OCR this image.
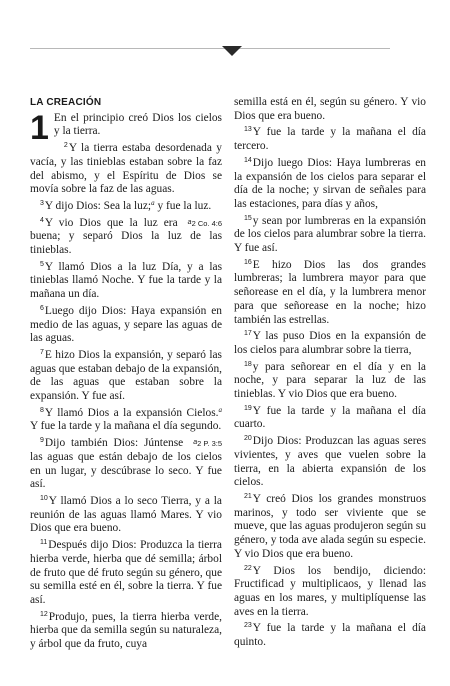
LA CREACIÓN

1 En el principio creó Dios los cielos y la tierra.

$^2$Y la tierra estaba desordenada y vacía, y las tinieblas estaban sobre la faz del abismo, y el Espíritu de Dios se movía sobre la faz de las aguas.

$^3$Y dijo Dios: Sea la luz;$^a$ y fue la luz.
a2 Co. 4:6

$^4$Y vio Dios que la luz era buena; y separó Dios la luz de las tinieblas.

$^5$Y llamó Dios a la luz Día, y a las tinieblas llamó Noche. Y fue la tarde y la mañana un día.

$^6$Luego dijo Dios: Haya expansión en medio de las aguas, y separe las aguas de las aguas.

$^7$E hizo Dios la expansión, y separó las aguas que estaban debajo de la expansión, de las aguas que estaban sobre la expansión. Y fue así.

$^8$Y llamó Dios a la expansión Cielos.$^a$ Y fue la tarde y la mañana el día segundo.
a2 P. 3:5

$^9$Dijo también Dios: Júntense las aguas que están debajo de los cielos en un lugar, y descúbrase lo seco. Y fue así.

$^{10}$Y llamó Dios a lo seco Tierra, y a la reunión de las aguas llamó Mares. Y vio Dios que era bueno.

$^{11}$Después dijo Dios: Produzca la tierra hierba verde, hierba que dé semilla; árbol de fruto que dé fruto según su género, que su semilla esté en él, sobre la tierra. Y fue así.

$^{12}$Produjo, pues, la tierra hierba verde, hierba que da semilla según su naturaleza, y árbol que da fruto, cuya

semilla está en él, según su género. Y vio Dios que era bueno.

$^{13}$Y fue la tarde y la mañana el día tercero.

$^{14}$Dijo luego Dios: Haya lumbreras en la expansión de los cielos para separar el día de la noche; y sirvan de señales para las estaciones, para días y años,

$^{15}$y sean por lumbreras en la expansión de los cielos para alumbrar sobre la tierra. Y fue así.

$^{16}$E hizo Dios las dos grandes lumbreras; la lumbrera mayor para que señorease en el día, y la lumbrera menor para que señorease en la noche; hizo también las estrellas.

$^{17}$Y las puso Dios en la expansión de los cielos para alumbrar sobre la tierra,

$^{18}$y para señorear en el día y en la noche, y para separar la luz de las tinieblas. Y vio Dios que era bueno.

$^{19}$Y fue la tarde y la mañana el día cuarto.

$^{20}$Dijo Dios: Produzcan las aguas seres vivientes, y aves que vuelen sobre la tierra, en la abierta expansión de los cielos.

$^{21}$Y creó Dios los grandes monstruos marinos, y todo ser viviente que se mueve, que las aguas produjeron según su género, y toda ave alada según su especie. Y vio Dios que era bueno.

$^{22}$Y Dios los bendijo, diciendo: Fructificad y multiplicaos, y llenad las aguas en los mares, y multiplíquense las aves en la tierra.

$^{23}$Y fue la tarde y la mañana el día quinto.
